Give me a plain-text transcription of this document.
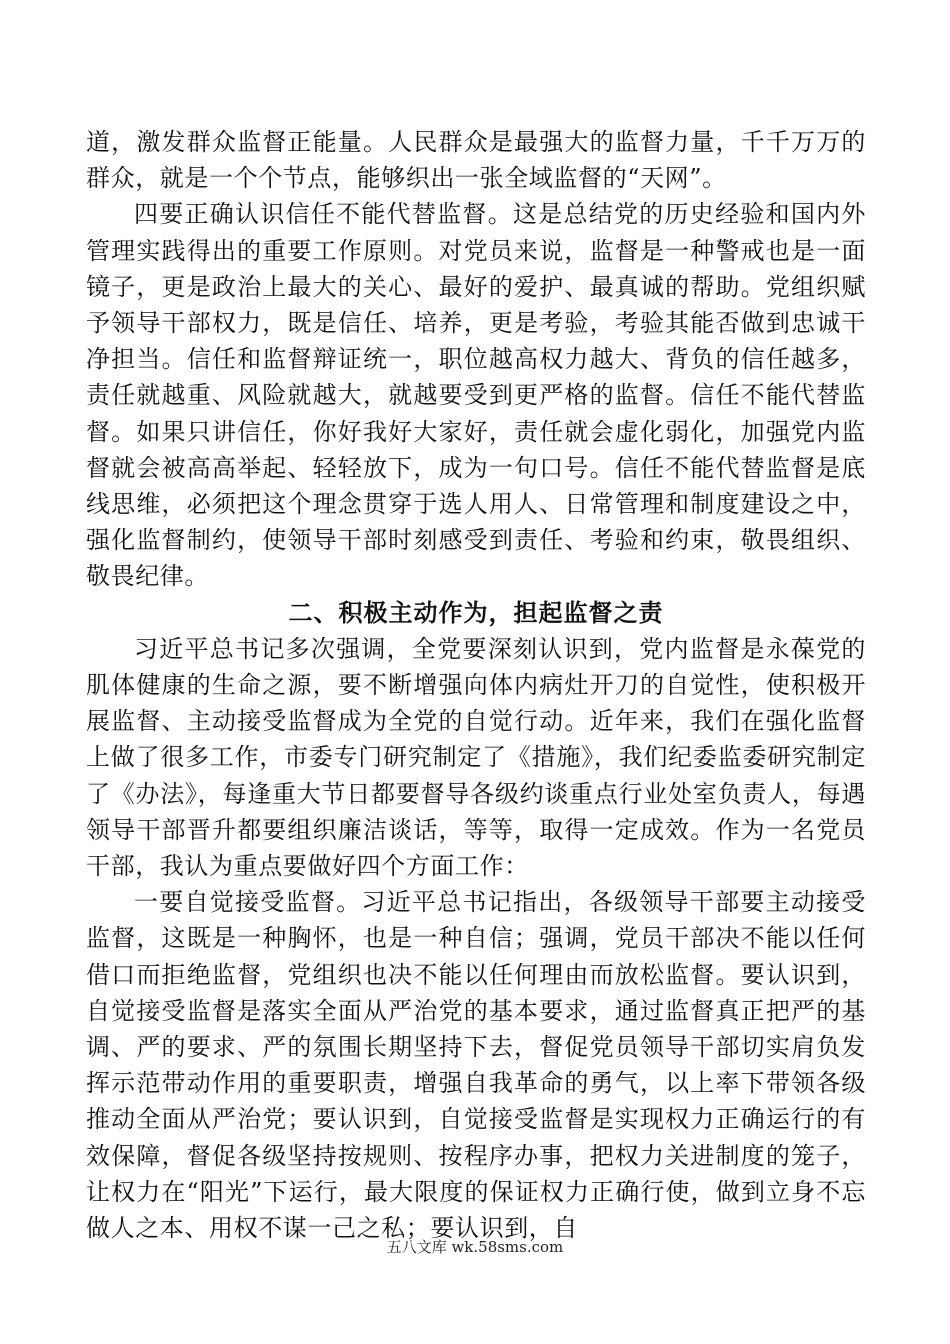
道，激发群众监督正能量。人民群众是最强大的监督力量，千千万万的群众，就是一个个节点，能够织出一张全域监督的“天网”。

四要正确认识信任不能代替监督。这是总结党的历史经验和国内外管理实践得出的重要工作原则。对党员来说，监督是一种警戒也是一面镜子，更是政治上最大的关心、最好的爱护、最真诚的帮助。党组织赋予领导干部权力，既是信任、培养，更是考验，考验其能否做到忠诚干净担当。信任和监督辩证统一，职位越高权力越大、背负的信任越多，责任就越重、风险就越大，就越要受到更严格的监督。信任不能代替监督。如果只讲信任，你好我好大家好，责任就会虚化弱化，加强党内监督就会被高高举起、轻轻放下，成为一句口号。信任不能代替监督是底线思维，必须把这个理念贯穿于选人用人、日常管理和制度建设之中，强化监督制约，使领导干部时刻感受到责任、考验和约束，敬畏组织、敬畏纪律。

二、积极主动作为，担起监督之责

习近平总书记多次强调，全党要深刻认识到，党内监督是永葆党的肌体健康的生命之源，要不断增强向体内病灶开刀的自觉性，使积极开展监督、主动接受监督成为全党的自觉行动。近年来，我们在强化监督上做了很多工作，市委专门研究制定了《措施》，我们纪委监委研究制定了《办法》，每逢重大节日都要督导各级约谈重点行业处室负责人，每遇领导干部晋升都要组织廉洁谈话，等等，取得一定成效。作为一名党员干部，我认为重点要做好四个方面工作：

一要自觉接受监督。习近平总书记指出，各级领导干部要主动接受监督，这既是一种胸怀，也是一种自信；强调，党员干部决不能以任何借口而拒绝监督，党组织也决不能以任何理由而放松监督。要认识到，自觉接受监督是落实全面从严治党的基本要求，通过监督真正把严的基调、严的要求、严的氛围长期坚持下去，督促党员领导干部切实肩负发挥示范带动作用的重要职责，增强自我革命的勇气，以上率下带领各级推动全面从严治党；要认识到，自觉接受监督是实现权力正确运行的有效保障，督促各级坚持按规则、按程序办事，把权力关进制度的笼子，让权力在“阳光”下运行，最大限度的保证权力正确行使，做到立身不忘做人之本、用权不谋一己之私；要认识到，自

五八文库 wk.58sms.com
